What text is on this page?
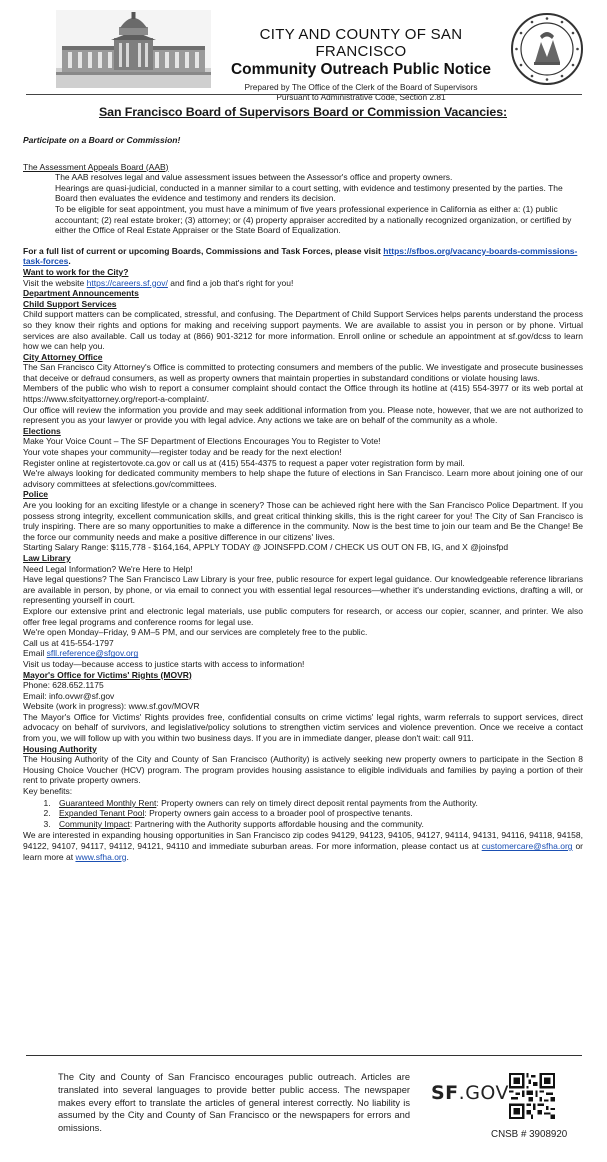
CITY AND COUNTY OF SAN FRANCISCO
Community Outreach Public Notice
Prepared by The Office of the Clerk of the Board of Supervisors
Pursuant to Administrative Code, Section 2.81
San Francisco Board of Supervisors Board or Commission Vacancies:

Participate on a Board or Commission!

The Assessment Appeals Board (AAB)

The AAB resolves legal and value assessment issues between the Assessor's office and property owners.

Hearings are quasi-judicial, conducted in a manner similar to a court setting, with evidence and testimony presented by the parties. The Board then evaluates the evidence and testimony and renders its decision.

To be eligible for seat appointment, you must have a minimum of five years professional experience in California as either a: (1) public accountant; (2) real estate broker; (3) attorney; or (4) property appraiser accredited by a nationally recognized organization, or certified by either the Office of Real Estate Appraiser or the State Board of Equalization.

For a full list of current or upcoming Boards, Commissions and Task Forces, please visit https://sfbos.org/vacancy-boards-commissions-task-forces.

Want to work for the City?

Visit the website https://careers.sf.gov/ and find a job that's right for you!

Department Announcements

Child Support Services

Child support matters can be complicated, stressful, and confusing. The Department of Child Support Services helps parents understand the process so they know their rights and options for making and receiving support payments. We are available to assist you in person or by phone. Virtual services are also available. Call us today at (866) 901-3212 for more information. Enroll online or schedule an appointment at sf.gov/dcss to learn how we can help you.

City Attorney Office

The San Francisco City Attorney's Office is committed to protecting consumers and members of the public. We investigate and prosecute businesses that deceive or defraud consumers, as well as property owners that maintain properties in substandard conditions or violate housing laws.

Members of the public who wish to report a consumer complaint should contact the Office through its hotline at (415) 554-3977 or its web portal at https://www.sfcityattorney.org/report-a-complaint/.

Our office will review the information you provide and may seek additional information from you. Please note, however, that we are not authorized to represent you as your lawyer or provide you with legal advice. Any actions we take are on behalf of the community as a whole.

Elections

Make Your Voice Count – The SF Department of Elections Encourages You to Register to Vote!

Your vote shapes your community—register today and be ready for the next election!

Register online at registertovote.ca.gov or call us at (415) 554-4375 to request a paper voter registration form by mail.

We're always looking for dedicated community members to help shape the future of elections in San Francisco. Learn more about joining one of our advisory committees at sfelections.gov/committees.

Police

Are you looking for an exciting lifestyle or a change in scenery? Those can be achieved right here with the San Francisco Police Department. If you possess strong integrity, excellent communication skills, and great critical thinking skills, this is the right career for you! The City of San Francisco is truly inspiring. There are so many opportunities to make a difference in the community. Now is the best time to join our team and Be the Change! Be the force our community needs and make a positive difference in our citizens' lives.

Starting Salary Range: $115,778 - $164,164, APPLY TODAY @ JOINSFPD.COM / CHECK US OUT ON FB, IG, and X @joinsfpd

Law Library

Need Legal Information? We're Here to Help!

Have legal questions? The San Francisco Law Library is your free, public resource for expert legal guidance. Our knowledgeable reference librarians are available in person, by phone, or via email to connect you with essential legal resources—whether it's understanding evictions, drafting a will, or representing yourself in court.

Explore our extensive print and electronic legal materials, use public computers for research, or access our copier, scanner, and printer. We also offer free legal programs and conference rooms for legal use.

We're open Monday–Friday, 9 AM–5 PM, and our services are completely free to the public.

Call us at 415-554-1797

Email sfll.reference@sfgov.org

Visit us today—because access to justice starts with access to information!

Mayor's Office for Victims' Rights (MOVR)

Phone: 628.652.1175

Email: info.ovwr@sf.gov

Website (work in progress): www.sf.gov/MOVR

The Mayor's Office for Victims' Rights provides free, confidential consults on crime victims' legal rights, warm referrals to support services, direct advocacy on behalf of survivors, and legislative/policy solutions to strengthen victim services and violence prevention. Once we receive a contact from you, we will follow up with you within two business days. If you are in immediate danger, please don't wait: call 911.

Housing Authority

The Housing Authority of the City and County of San Francisco (Authority) is actively seeking new property owners to participate in the Section 8 Housing Choice Voucher (HCV) program. The program provides housing assistance to eligible individuals and families by paying a portion of their rent to private property owners.

Key benefits:

1. Guaranteed Monthly Rent: Property owners can rely on timely direct deposit rental payments from the Authority.
2. Expanded Tenant Pool: Property owners gain access to a broader pool of prospective tenants.
3. Community Impact: Partnering with the Authority supports affordable housing and the community.

We are interested in expanding housing opportunities in San Francisco zip codes 94129, 94123, 94105, 94127, 94114, 94131, 94116, 94118, 94158, 94122, 94107, 94117, 94112, 94121, 94110 and immediate suburban areas. For more information, please contact us at customercare@sfha.org or learn more at www.sfha.org.

The City and County of San Francisco encourages public outreach. Articles are translated into several languages to provide better public access. The newspaper makes every effort to translate the articles of general interest correctly. No liability is assumed by the City and County of San Francisco or the newspapers for errors and omissions.
SF.GOV
CNSB # 3908920
